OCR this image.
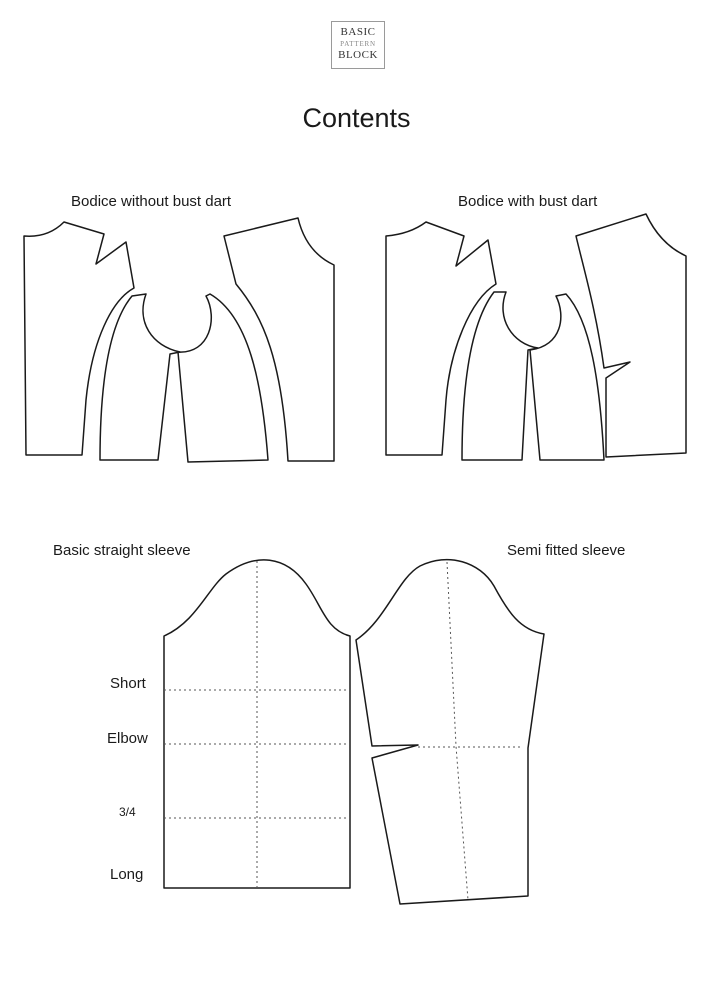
BASIC
PATTERN
BLOCK
Contents
Bodice without bust dart	Bodice with bust dart
Basic straight sleeve	Semi fitted sleeve
Short
Elbow
3/4
Long
